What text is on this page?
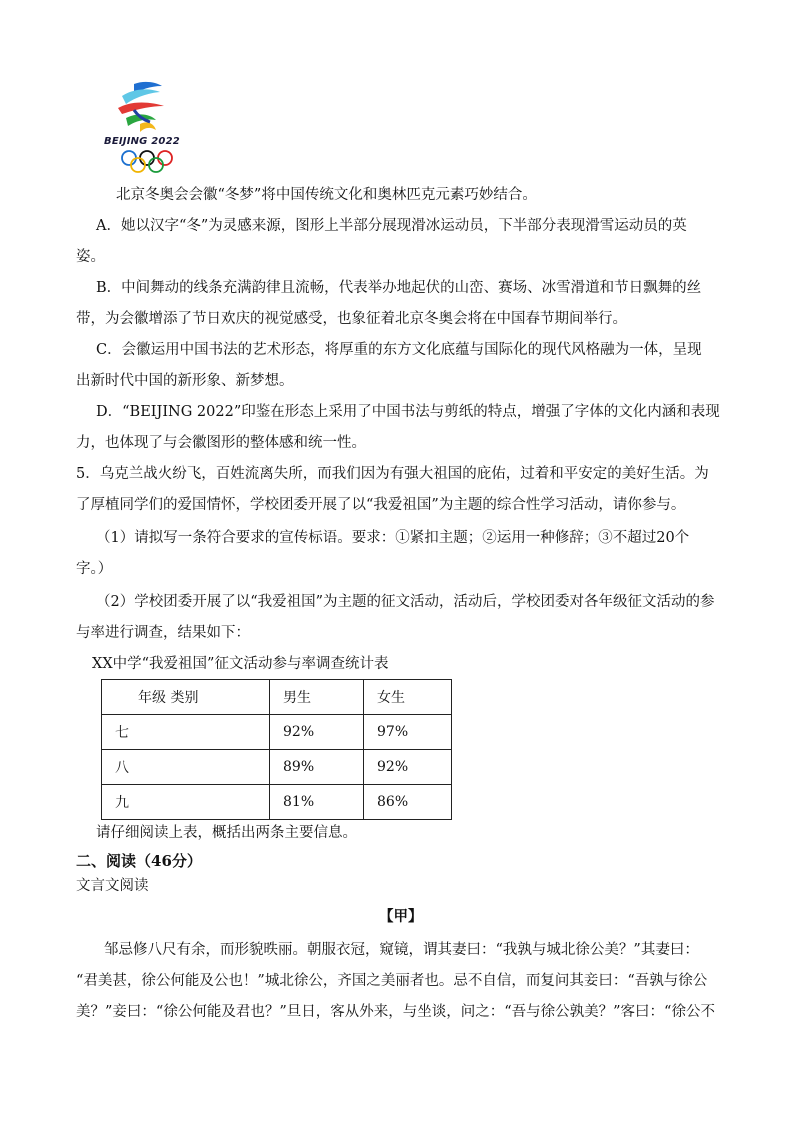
BEIJING 2022
北京冬奥会会徽“冬梦”将中国传统文化和奥林匹克元素巧妙结合。
A．她以汉字“冬”为灵感来源，图形上半部分展现滑冰运动员，下半部分表现滑雪运动员的英
姿。
B．中间舞动的线条充满韵律且流畅，代表举办地起伏的山峦、赛场、冰雪滑道和节日飘舞的丝
带，为会徽增添了节日欢庆的视觉感受，也象征着北京冬奥会将在中国春节期间举行。
C．会徽运用中国书法的艺术形态，将厚重的东方文化底蕴与国际化的现代风格融为一体，呈现
出新时代中国的新形象、新梦想。
D．“BEIJING 2022”印鉴在形态上采用了中国书法与剪纸的特点，增强了字体的文化内涵和表现
力，也体现了与会徽图形的整体感和统一性。
5．乌克兰战火纷飞，百姓流离失所，而我们因为有强大祖国的庇佑，过着和平安定的美好生活。为
了厚植同学们的爱国情怀，学校团委开展了以“我爱祖国”为主题的综合性学习活动，请你参与。
（1）请拟写一条符合要求的宣传标语。要求：①紧扣主题；②运用一种修辞；③不超过20个
字。）
（2）学校团委开展了以“我爱祖国”为主题的征文活动，活动后，学校团委对各年级征文活动的参
与率进行调查，结果如下：
XX中学“我爱祖国”征文活动参与率调查统计表
年级 类别	男生	女生
七	92%	97%
八	89%	92%
九	81%	86%
请仔细阅读上表，概括出两条主要信息。
二、阅读（46分）
文言文阅读
【甲】
邹忌修八尺有余，而形貌昳丽。朝服衣冠，窥镜，谓其妻曰：“我孰与城北徐公美？”其妻曰：
“君美甚，徐公何能及公也！”城北徐公，齐国之美丽者也。忌不自信，而复问其妾曰：“吾孰与徐公
美？”妾曰：“徐公何能及君也？”旦日，客从外来，与坐谈，问之：“吾与徐公孰美？”客曰：“徐公不
